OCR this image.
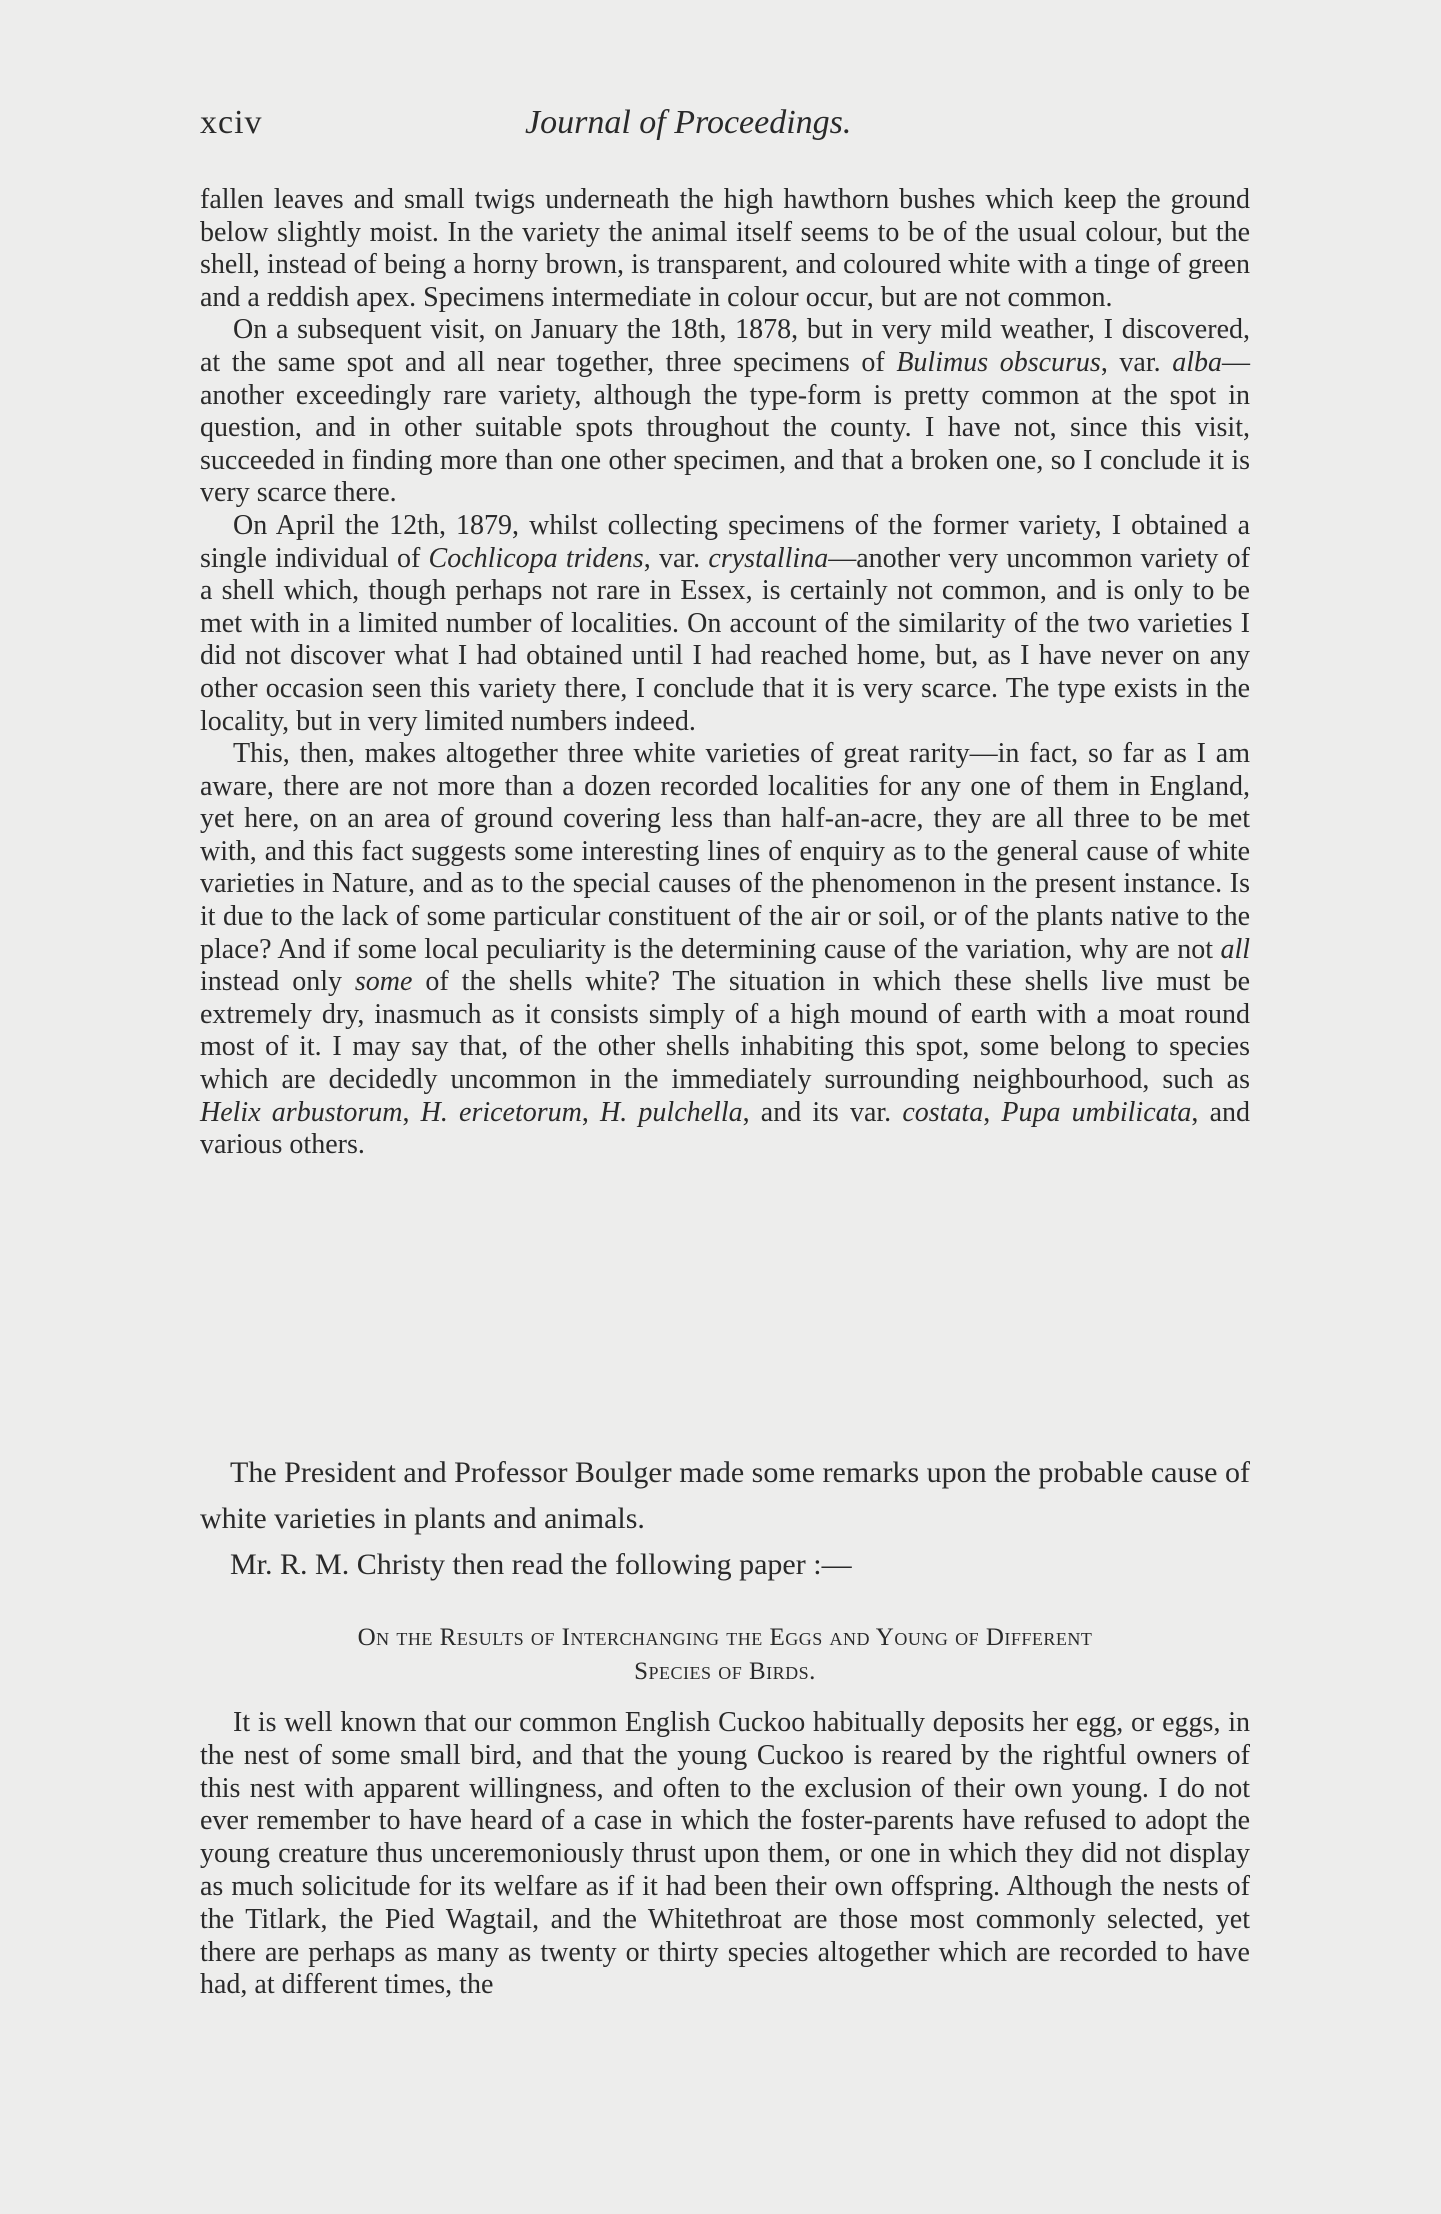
xciv	Journal of Proceedings.

fallen leaves and small twigs underneath the high hawthorn bushes which keep the ground below slightly moist. In the variety the animal itself seems to be of the usual colour, but the shell, instead of being a horny brown, is transparent, and coloured white with a tinge of green and a reddish apex. Specimens intermediate in colour occur, but are not common.

On a subsequent visit, on January the 18th, 1878, but in very mild weather, I discovered, at the same spot and all near together, three specimens of Bulimus obscurus, var. alba—another exceedingly rare variety, although the type-form is pretty common at the spot in question, and in other suitable spots throughout the county. I have not, since this visit, succeeded in finding more than one other specimen, and that a broken one, so I conclude it is very scarce there.

On April the 12th, 1879, whilst collecting specimens of the former variety, I obtained a single individual of Cochlicopa tridens, var. crystallina—another very uncommon variety of a shell which, though perhaps not rare in Essex, is certainly not common, and is only to be met with in a limited number of localities. On account of the similarity of the two varieties I did not discover what I had obtained until I had reached home, but, as I have never on any other occasion seen this variety there, I conclude that it is very scarce. The type exists in the locality, but in very limited numbers indeed.

This, then, makes altogether three white varieties of great rarity—in fact, so far as I am aware, there are not more than a dozen recorded localities for any one of them in England, yet here, on an area of ground covering less than half-an-acre, they are all three to be met with, and this fact suggests some interesting lines of enquiry as to the general cause of white varieties in Nature, and as to the special causes of the phenomenon in the present instance. Is it due to the lack of some particular constituent of the air or soil, or of the plants native to the place? And if some local peculiarity is the determining cause of the variation, why are not all instead only some of the shells white? The situation in which these shells live must be extremely dry, inasmuch as it consists simply of a high mound of earth with a moat round most of it. I may say that, of the other shells inhabiting this spot, some belong to species which are decidedly uncommon in the immediately surrounding neighbourhood, such as Helix arbustorum, H. ericetorum, H. pulchella, and its var. costata, Pupa umbilicata, and various others.

The President and Professor Boulger made some remarks upon the probable cause of white varieties in plants and animals.

Mr. R. M. Christy then read the following paper :—

On the Results of Interchanging the Eggs and Young of Different
Species of Birds.

It is well known that our common English Cuckoo habitually deposits her egg, or eggs, in the nest of some small bird, and that the young Cuckoo is reared by the rightful owners of this nest with apparent willingness, and often to the exclusion of their own young. I do not ever remember to have heard of a case in which the foster-parents have refused to adopt the young creature thus unceremoniously thrust upon them, or one in which they did not display as much solicitude for its welfare as if it had been their own offspring. Although the nests of the Titlark, the Pied Wagtail, and the Whitethroat are those most commonly selected, yet there are perhaps as many as twenty or thirty species altogether which are recorded to have had, at different times, the
